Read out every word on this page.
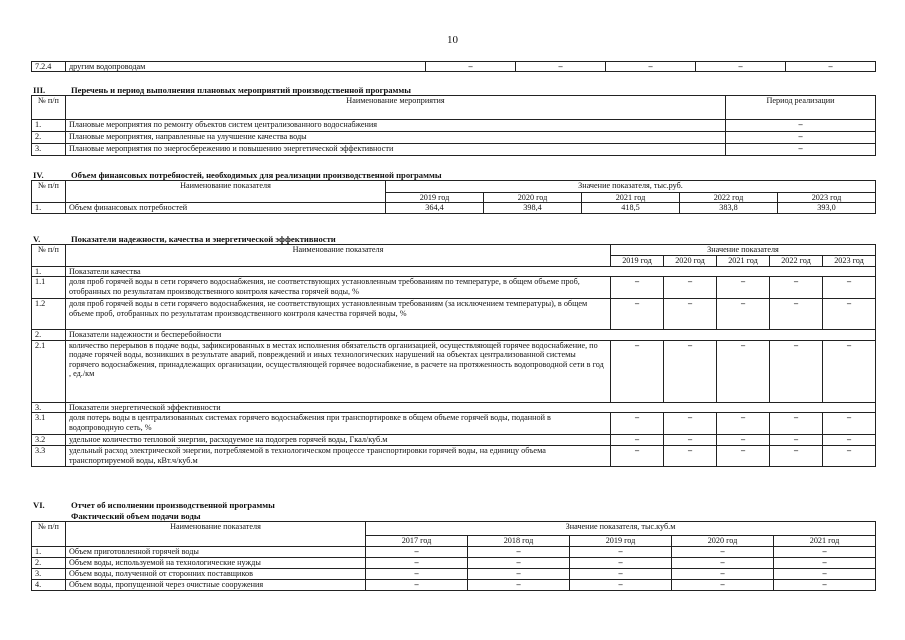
10
7.2.4	другим водопроводам	–	–	–	–	–
III.	Перечень и период выполнения плановых мероприятий производственной программы
№ п/п	Наименование мероприятия	Период реализации
1.	Плановые мероприятия по ремонту объектов систем централизованного водоснабжения	–
2.	Плановые мероприятия, направленные на улучшение качества воды	–
3.	Плановые мероприятия по энергосбережению и повышению энергетической эффективности	–
IV.	Объем финансовых потребностей, необходимых для реализации производственной программы
№ п/п	Наименование показателя	Значение показателя, тыс.руб.				
		2019 год	2020 год	2021 год	2022 год	2023 год
1.	Объем финансовых потребностей	364,4	398,4	418,5	383,8	393,0
V.	Показатели надежности, качества и энергетической эффективности
№ п/п	Наименование показателя	Значение показателя				
		2019 год	2020 год	2021 год	2022 год	2023 год
1.	Показатели качества					
1.1	доля проб горячей воды в сети горячего водоснабжения, не соответствующих установленным требованиям по температуре, в общем объеме проб, отобранных по результатам производственного контроля качества горячей воды, %	–	–	–	–	–
1.2	доля проб горячей воды в сети горячего водоснабжения, не соответствующих установленным требованиям (за исключением температуры), в общем объеме проб, отобранных по результатам производственного контроля качества горячей воды, %	–	–	–	–	–
2.	Показатели надежности и бесперебойности					
2.1	количество перерывов в подаче воды, зафиксированных в местах исполнения обязательств организацией, осуществляющей горячее водоснабжение, по подаче горячей воды, возникших в результате аварий, повреждений и иных технологических нарушений на объектах централизованной системы горячего водоснабжения, принадлежащих организации, осуществляющей горячее водоснабжение, в расчете на протяженность водопроводной сети в год , ед./км	–	–	–	–	–
3.	Показатели энергетической эффективности					
3.1	доля потерь воды в централизованных системах горячего водоснабжения при транспортировке в общем объеме горячей воды, поданной в водопроводную сеть, %	–	–	–	–	–
3.2	удельное количество тепловой энергии, расходуемое на подогрев горячей воды, Гкал/куб.м	–	–	–	–	–
3.3	удельный расход электрической энергии, потребляемой в технологическом процессе транспортировки горячей воды, на единицу объема транспортируемой воды, кВт.ч/куб.м	–	–	–	–	–
VI.	Отчет об исполнении производственной программы
Фактический объем подачи воды
№ п/п	Наименование показателя	Значение показателя, тыс.куб.м				
		2017 год	2018 год	2019 год	2020 год	2021 год
1.	Объем приготовленной горячей воды	–	–	–	–	–
2.	Объем воды, используемой на технологические нужды	–	–	–	–	–
3.	Объем воды, полученной от сторонних поставщиков	–	–	–	–	–
4.	Объем воды, пропущенной через очистные сооружения	–	–	–	–	–
